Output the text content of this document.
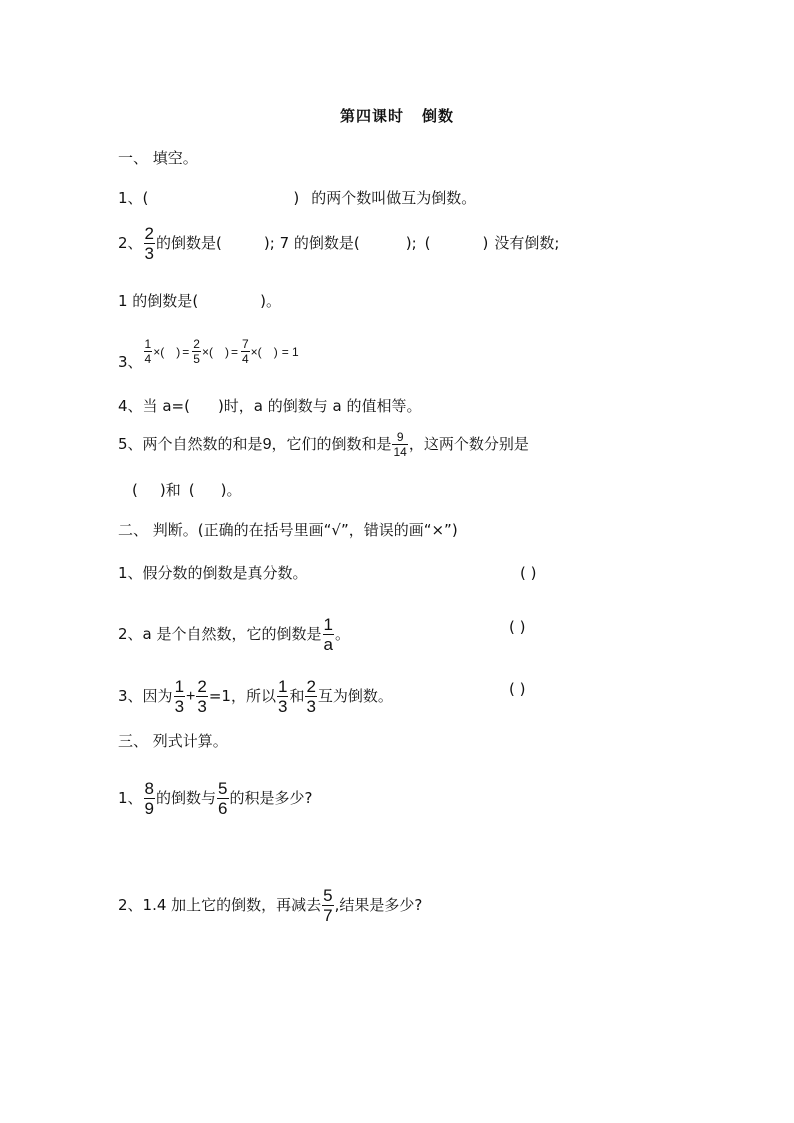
第四课时 倒数
一、 填空。
1、(	) 的两个数叫做互为倒数。
2、 $\frac{2}{3}$ 的倒数是(	); 7 的倒数是(	); (	) 没有倒数;
1 的倒数是(	)。
3、 $\frac{1}{4}$ ×( ) = $\frac{2}{5}$ ×( ) = $\frac{7}{4}$ ×( ) = 1
4、当 a=( )时，a 的倒数与 a 的值相等。
5、两个自然数的和是9，它们的倒数和是 $\frac{9}{14}$ ，这两个数分别是
( )和 ( )。
二、 判断。(正确的在括号里画“√”，错误的画“×”)
1、假分数的倒数是真分数。	( )
2、a 是个自然数，它的倒数是 $\frac{1}{a}$ 。	( )
3、因为 $\frac{1}{3} + \frac{2}{3} =1$，所以 $\frac{1}{3}$ 和 $\frac{2}{3}$ 互为倒数。	( )
三、 列式计算。
1、 $\frac{8}{9}$ 的倒数与 $\frac{5}{6}$ 的积是多少?
2、1.4 加上它的倒数，再减去 $\frac{5}{7}$ ,结果是多少?
